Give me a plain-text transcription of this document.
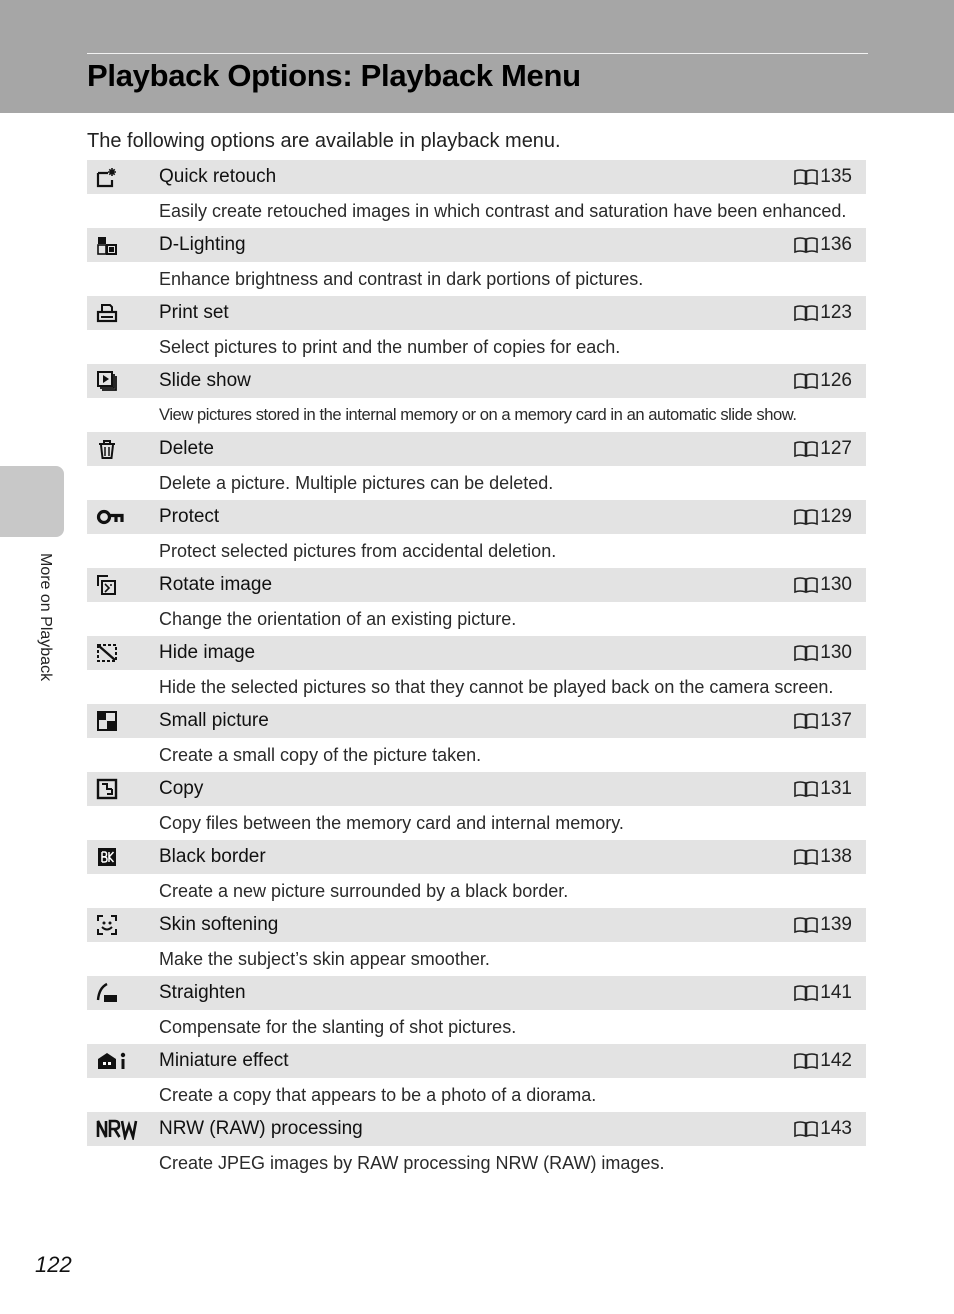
Playback Options: Playback Menu

The following options are available in playback menu.

Quick retouch	135
Easily create retouched images in which contrast and saturation have been enhanced.
D-Lighting	136
Enhance brightness and contrast in dark portions of pictures.
Print set	123
Select pictures to print and the number of copies for each.
Slide show	126
View pictures stored in the internal memory or on a memory card in an automatic slide show.
Delete	127
Delete a picture. Multiple pictures can be deleted.
Protect	129
Protect selected pictures from accidental deletion.
Rotate image	130
Change the orientation of an existing picture.
Hide image	130
Hide the selected pictures so that they cannot be played back on the camera screen.
Small picture	137
Create a small copy of the picture taken.
Copy	131
Copy files between the memory card and internal memory.
Black border	138
Create a new picture surrounded by a black border.
Skin softening	139
Make the subject’s skin appear smoother.
Straighten	141
Compensate for the slanting of shot pictures.
Miniature effect	142
Create a copy that appears to be a photo of a diorama.
NRW (RAW) processing	143
Create JPEG images by RAW processing NRW (RAW) images.
More on Playback
122
